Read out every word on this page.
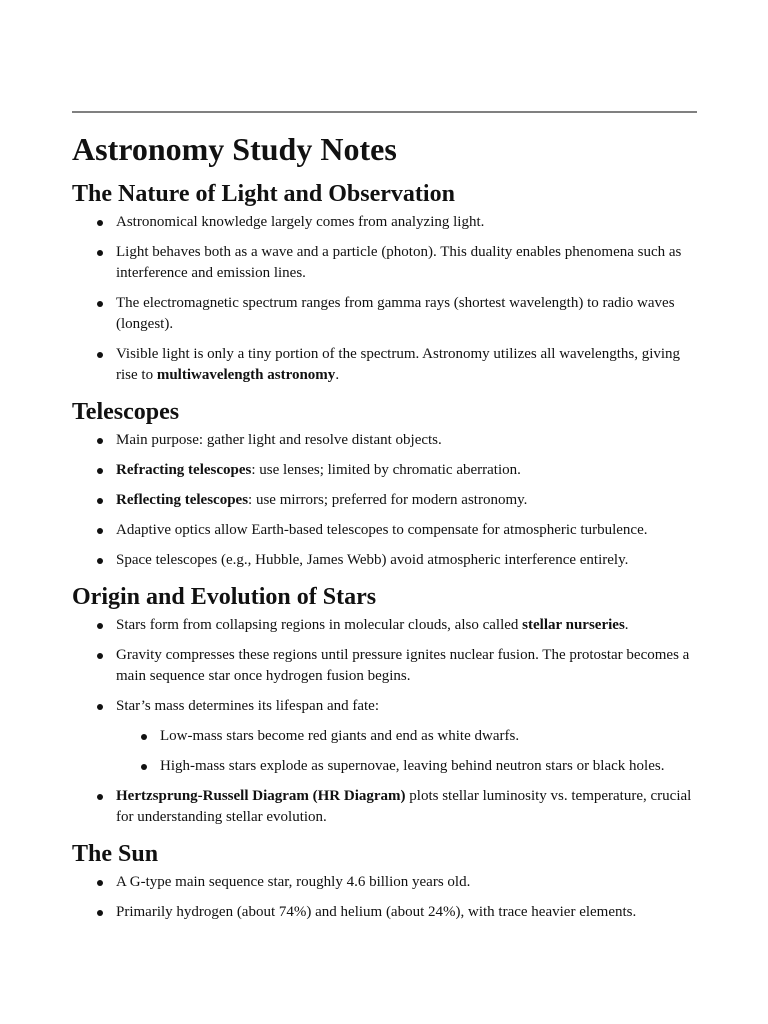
Astronomy Study Notes
The Nature of Light and Observation
Astronomical knowledge largely comes from analyzing light.
Light behaves both as a wave and a particle (photon). This duality enables phenomena such as interference and emission lines.
The electromagnetic spectrum ranges from gamma rays (shortest wavelength) to radio waves (longest).
Visible light is only a tiny portion of the spectrum. Astronomy utilizes all wavelengths, giving rise to multiwavelength astronomy.
Telescopes
Main purpose: gather light and resolve distant objects.
Refracting telescopes: use lenses; limited by chromatic aberration.
Reflecting telescopes: use mirrors; preferred for modern astronomy.
Adaptive optics allow Earth-based telescopes to compensate for atmospheric turbulence.
Space telescopes (e.g., Hubble, James Webb) avoid atmospheric interference entirely.
Origin and Evolution of Stars
Stars form from collapsing regions in molecular clouds, also called stellar nurseries.
Gravity compresses these regions until pressure ignites nuclear fusion. The protostar becomes a main sequence star once hydrogen fusion begins.
Star’s mass determines its lifespan and fate:
Low-mass stars become red giants and end as white dwarfs.
High-mass stars explode as supernovae, leaving behind neutron stars or black holes.
Hertzsprung-Russell Diagram (HR Diagram) plots stellar luminosity vs. temperature, crucial for understanding stellar evolution.
The Sun
A G-type main sequence star, roughly 4.6 billion years old.
Primarily hydrogen (about 74%) and helium (about 24%), with trace heavier elements.
